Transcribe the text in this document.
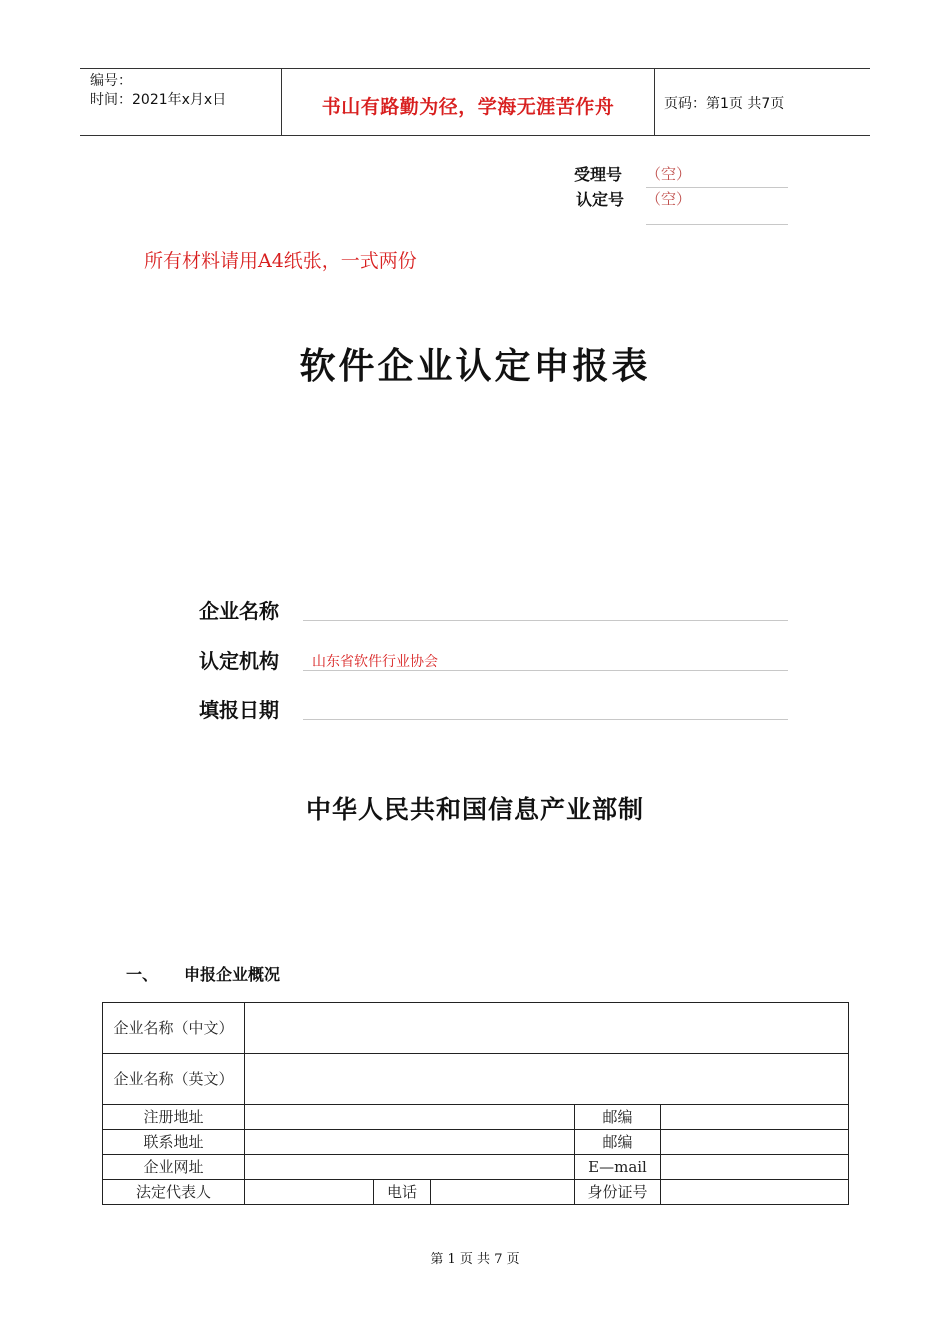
编号：
时间：2021年x月x日	书山有路勤为径，学海无涯苦作舟	页码：第1页 共7页
受理号 （空）
认定号 （空）
所有材料请用A4纸张，一式两份
软件企业认定申报表
企业名称
认定机构 山东省软件行业协会
填报日期
中华人民共和国信息产业部制
一、 申报企业概况
企业名称（中文）					
企业名称（英文）					
注册地址				邮编	
联系地址				邮编	
企业网址				E—mail	
法定代表人		电话		身份证号	
第 1 页 共 7 页
